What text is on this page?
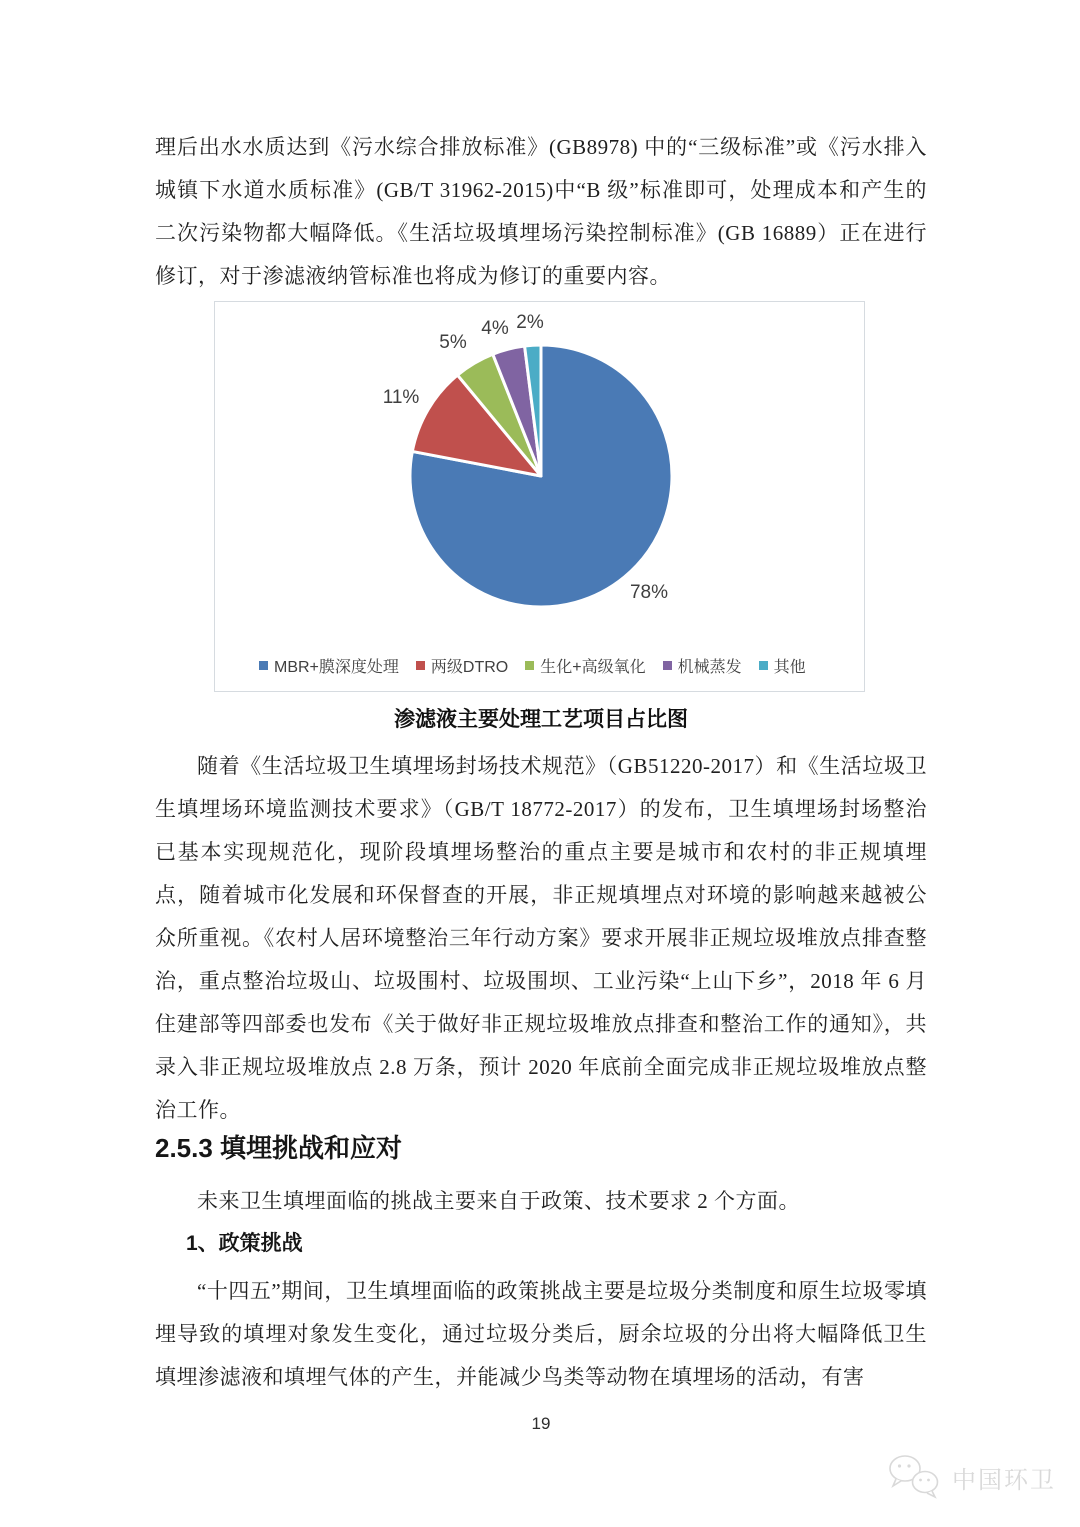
理后出水水质达到《污水综合排放标准》(GB8978) 中的“三级标准”或《污水排入城镇下水道水质标准》(GB/T 31962-2015)中“B 级”标准即可，处理成本和产生的二次污染物都大幅降低。《生活垃圾填埋场污染控制标准》(GB 16889）正在进行修订，对于渗滤液纳管标准也将成为修订的重要内容。

78%
11%
5%
4% 2%
MBR+膜深度处理 两级DTRO 生化+高级氧化 机械蒸发 其他
渗滤液主要处理工艺项目占比图

随着《生活垃圾卫生填埋场封场技术规范》（GB51220-2017）和《生活垃圾卫生填埋场环境监测技术要求》（GB/T 18772-2017）的发布，卫生填埋场封场整治已基本实现规范化，现阶段填埋场整治的重点主要是城市和农村的非正规填埋点，随着城市化发展和环保督查的开展，非正规填埋点对环境的影响越来越被公众所重视。《农村人居环境整治三年行动方案》要求开展非正规垃圾堆放点排查整治，重点整治垃圾山、垃圾围村、垃圾围坝、工业污染“上山下乡”，2018 年 6 月住建部等四部委也发布《关于做好非正规垃圾堆放点排查和整治工作的通知》，共录入非正规垃圾堆放点 2.8 万条，预计 2020 年底前全面完成非正规垃圾堆放点整治工作。

2.5.3 填埋挑战和应对

未来卫生填埋面临的挑战主要来自于政策、技术要求 2 个方面。

1、政策挑战

“十四五”期间，卫生填埋面临的政策挑战主要是垃圾分类制度和原生垃圾零填埋导致的填埋对象发生变化，通过垃圾分类后，厨余垃圾的分出将大幅降低卫生填埋渗滤液和填埋气体的产生，并能减少鸟类等动物在填埋场的活动，有害

19
中国环卫
